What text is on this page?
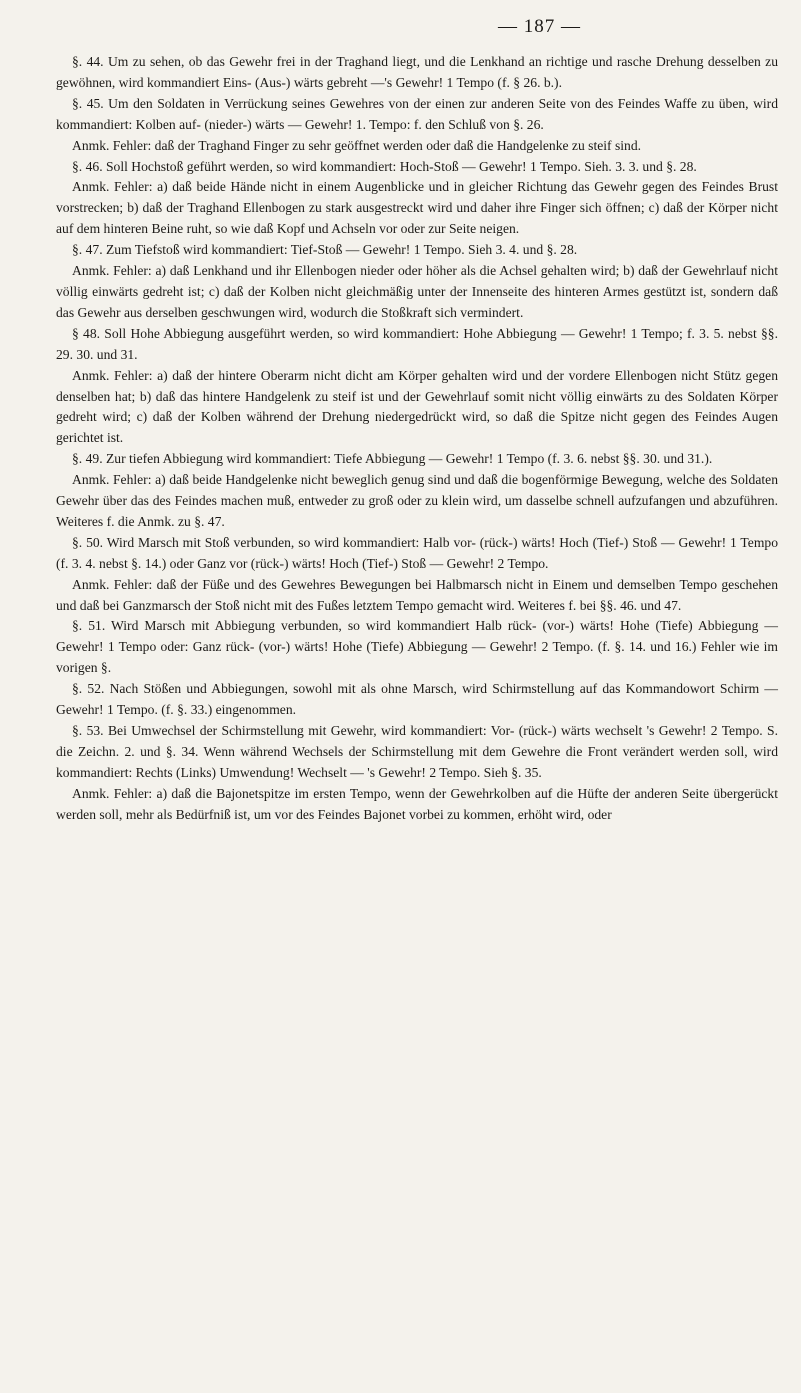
— 187 —

§. 44. Um zu sehen, ob das Gewehr frei in der Traghand liegt, und die Lenkhand an richtige und rasche Drehung desselben zu gewöhnen, wird kommandiert Eins- (Aus-) wärts gebreht —'s Gewehr! 1 Tempo (f. § 26. b.).

§. 45. Um den Soldaten in Verrückung seines Gewehres von der einen zur anderen Seite von des Feindes Waffe zu üben, wird kommandiert: Kolben auf- (nieder-) wärts — Gewehr! 1. Tempo: f. den Schluß von §. 26.

Anmk. Fehler: daß der Traghand Finger zu sehr geöffnet werden oder daß die Handgelenke zu steif sind.

§. 46. Soll Hochstoß geführt werden, so wird kommandiert: Hoch-Stoß — Gewehr! 1 Tempo. Sieh. 3. 3. und §. 28.

Anmk. Fehler: a) daß beide Hände nicht in einem Augenblicke und in gleicher Richtung das Gewehr gegen des Feindes Brust vorstrecken; b) daß der Traghand Ellenbogen zu stark ausgestreckt wird und daher ihre Finger sich öffnen; c) daß der Körper nicht auf dem hinteren Beine ruht, so wie daß Kopf und Achseln vor oder zur Seite neigen.

§. 47. Zum Tiefstoß wird kommandiert: Tief-Stoß — Gewehr! 1 Tempo. Sieh 3. 4. und §. 28.

Anmk. Fehler: a) daß Lenkhand und ihr Ellenbogen nieder oder höher als die Achsel gehalten wird; b) daß der Gewehrlauf nicht völlig einwärts gedreht ist; c) daß der Kolben nicht gleichmäßig unter der Innenseite des hinteren Armes gestützt ist, sondern daß das Gewehr aus derselben geschwungen wird, wodurch die Stoßkraft sich vermindert.

§ 48. Soll Hohe Abbiegung ausgeführt werden, so wird kommandiert: Hohe Abbiegung — Gewehr! 1 Tempo; f. 3. 5. nebst §§. 29. 30. und 31.

Anmk. Fehler: a) daß der hintere Oberarm nicht dicht am Körper gehalten wird und der vordere Ellenbogen nicht Stütz gegen denselben hat; b) daß das hintere Handgelenk zu steif ist und der Gewehrlauf somit nicht völlig einwärts zu des Soldaten Körper gedreht wird; c) daß der Kolben während der Drehung niedergedrückt wird, so daß die Spitze nicht gegen des Feindes Augen gerichtet ist.

§. 49. Zur tiefen Abbiegung wird kommandiert: Tiefe Abbiegung — Gewehr! 1 Tempo (f. 3. 6. nebst §§. 30. und 31.).

Anmk. Fehler: a) daß beide Handgelenke nicht beweglich genug sind und daß die bogenförmige Bewegung, welche des Soldaten Gewehr über das des Feindes machen muß, entweder zu groß oder zu klein wird, um dasselbe schnell aufzufangen und abzuführen. Weiteres f. die Anmk. zu §. 47.

§. 50. Wird Marsch mit Stoß verbunden, so wird kommandiert: Halb vor- (rück-) wärts! Hoch (Tief-) Stoß — Gewehr! 1 Tempo (f. 3. 4. nebst §. 14.) oder Ganz vor (rück-) wärts! Hoch (Tief-) Stoß — Gewehr! 2 Tempo.

Anmk. Fehler: daß der Füße und des Gewehres Bewegungen bei Halbmarsch nicht in Einem und demselben Tempo geschehen und daß bei Ganzmarsch der Stoß nicht mit des Fußes letztem Tempo gemacht wird. Weiteres f. bei §§. 46. und 47.

§. 51. Wird Marsch mit Abbiegung verbunden, so wird kommandiert Halb rück- (vor-) wärts! Hohe (Tiefe) Abbiegung — Gewehr! 1 Tempo oder: Ganz rück- (vor-) wärts! Hohe (Tiefe) Abbiegung — Gewehr! 2 Tempo. (f. §. 14. und 16.) Fehler wie im vorigen §.

§. 52. Nach Stößen und Abbiegungen, sowohl mit als ohne Marsch, wird Schirmstellung auf das Kommandowort Schirm — Gewehr! 1 Tempo. (f. §. 33.) eingenommen.

§. 53. Bei Umwechsel der Schirmstellung mit Gewehr, wird kommandiert: Vor- (rück-) wärts wechselt 's Gewehr! 2 Tempo. S. die Zeichn. 2. und §. 34. Wenn während Wechsels der Schirmstellung mit dem Gewehre die Front verändert werden soll, wird kommandiert: Rechts (Links) Umwendung! Wechselt — 's Gewehr! 2 Tempo. Sieh §. 35.

Anmk. Fehler: a) daß die Bajonetspitze im ersten Tempo, wenn der Gewehrkolben auf die Hüfte der anderen Seite übergerückt werden soll, mehr als Bedürfniß ist, um vor des Feindes Bajonet vorbei zu kommen, erhöht wird, oder
